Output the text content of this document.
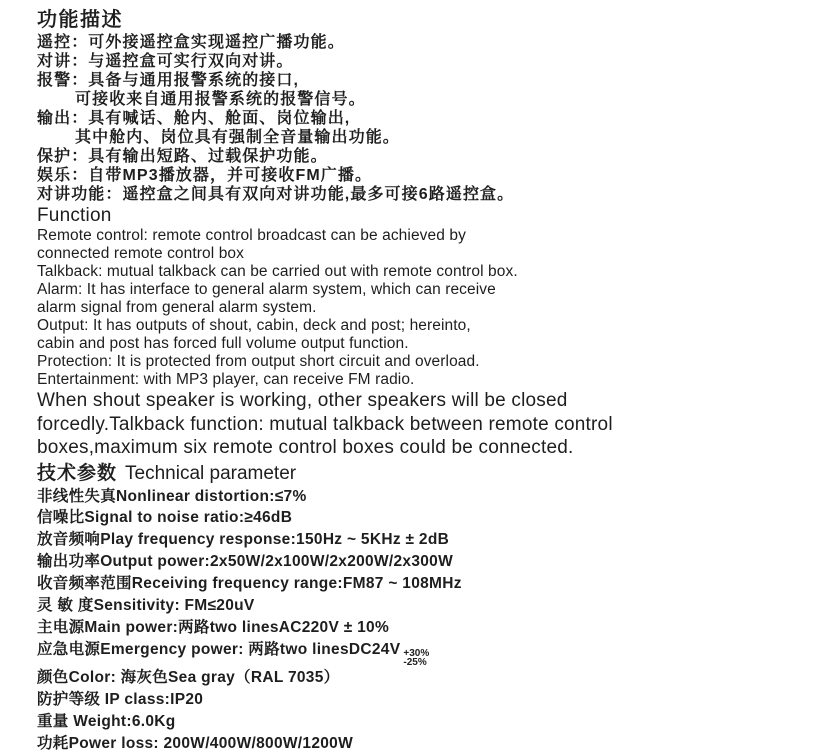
功能描述
遥控：可外接遥控盒实现遥控广播功能。
对讲：与遥控盒可实行双向对讲。
报警：具备与通用报警系统的接口,
可接收来自通用报警系统的报警信号。
输出：具有喊话、舱内、舱面、岗位输出,
其中舱内、岗位具有强制全音量输出功能。
保护：具有输出短路、过载保护功能。
娱乐：自带MP3播放器，并可接收FM广播。
对讲功能：遥控盒之间具有双向对讲功能,最多可接6路遥控盒。
Function
Remote control: remote control broadcast can be achieved by
connected remote control box
Talkback: mutual talkback can be carried out with remote control box.
Alarm: It has interface to general alarm system, which can receive
alarm signal from general alarm system.
Output: It has outputs of shout, cabin, deck and post; hereinto,
cabin and post has forced full volume output function.
Protection: It is protected from output short circuit and overload.
Entertainment: with MP3 player, can receive FM radio.
When shout speaker is working, other speakers will be closed
forcedly.Talkback function: mutual talkback between remote control
boxes,maximum six remote control boxes could be connected.
技术参数 Technical parameter
非线性失真Nonlinear distortion:≤7%
信噪比Signal to noise ratio:≥46dB
放音频响Play frequency response:150Hz ~ 5KHz ± 2dB
输出功率Output power:2x50W/2x100W/2x200W/2x300W
收音频率范围Receiving frequency range:FM87 ~ 108MHz
灵 敏 度Sensitivity: FM≤20uV
主电源Main power:两路two linesAC220V ± 10%
应急电源Emergency power: 两路two linesDC24V +30%
-25%
颜色Color: 海灰色Sea gray（RAL 7035）
防护等级 IP class:IP20
重量 Weight:6.0Kg
功耗Power loss: 200W/400W/800W/1200W
